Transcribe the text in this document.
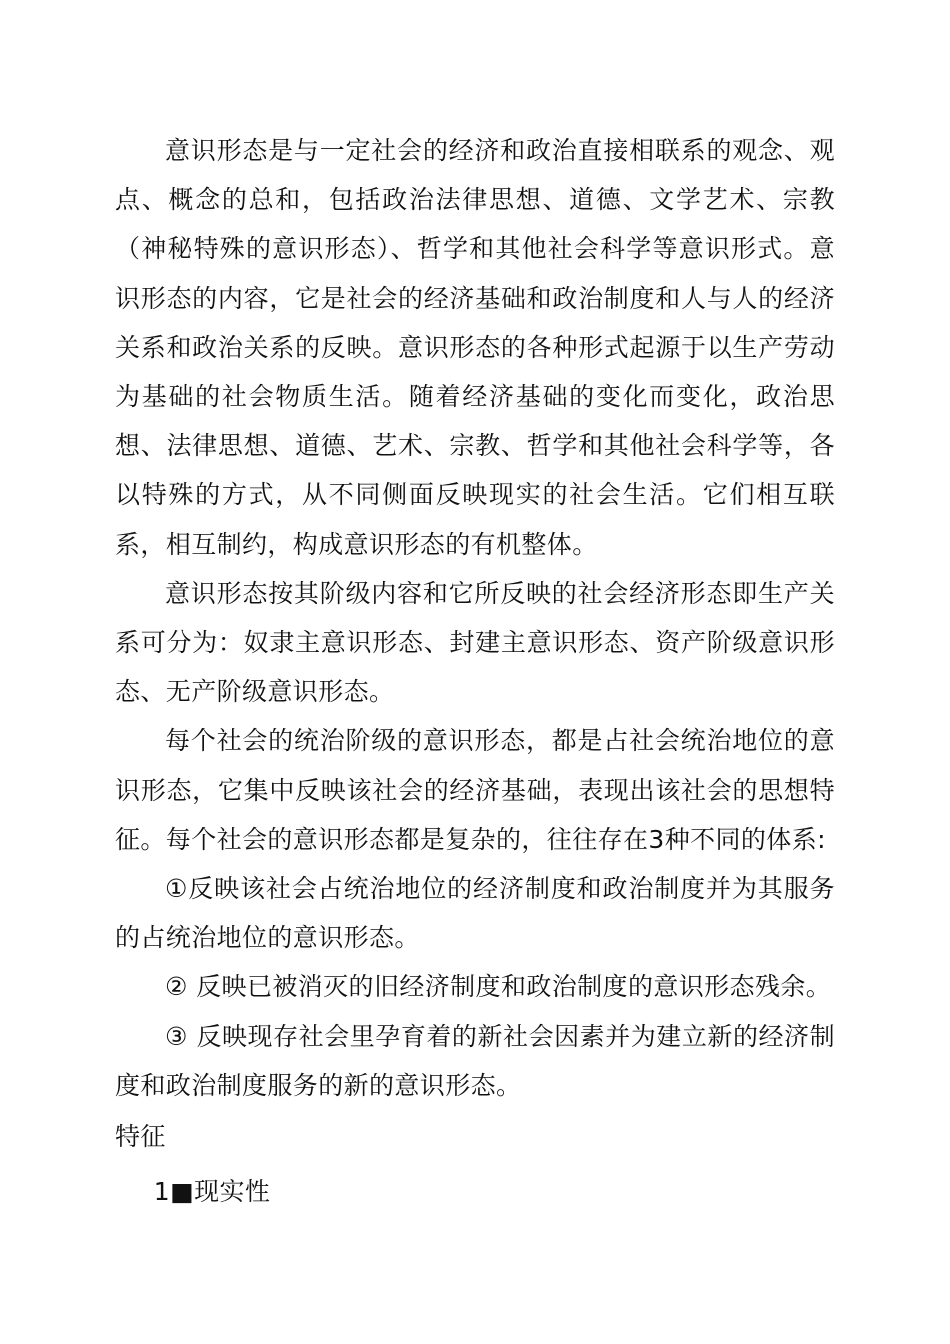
意识形态是与一定社会的经济和政治直接相联系的观念、观点、概念的总和，包括政治法律思想、道德、文学艺术、宗教（神秘特殊的意识形态）、哲学和其他社会科学等意识形式。意识形态的内容，它是社会的经济基础和政治制度和人与人的经济关系和政治关系的反映。意识形态的各种形式起源于以生产劳动为基础的社会物质生活。随着经济基础的变化而变化，政治思想、法律思想、道德、艺术、宗教、哲学和其他社会科学等，各以特殊的方式，从不同侧面反映现实的社会生活。它们相互联系，相互制约，构成意识形态的有机整体。

意识形态按其阶级内容和它所反映的社会经济形态即生产关系可分为：奴隶主意识形态、封建主意识形态、资产阶级意识形态、无产阶级意识形态。

每个社会的统治阶级的意识形态，都是占社会统治地位的意识形态，它集中反映该社会的经济基础，表现出该社会的思想特征。每个社会的意识形态都是复杂的，往往存在3种不同的体系:

①反映该社会占统治地位的经济制度和政治制度并为其服务的占统治地位的意识形态。

② 反映已被消灭的旧经济制度和政治制度的意识形态残余。

③ 反映现存社会里孕育着的新社会因素并为建立新的经济制度和政治制度服务的新的意识形态。

特征

1■现实性
